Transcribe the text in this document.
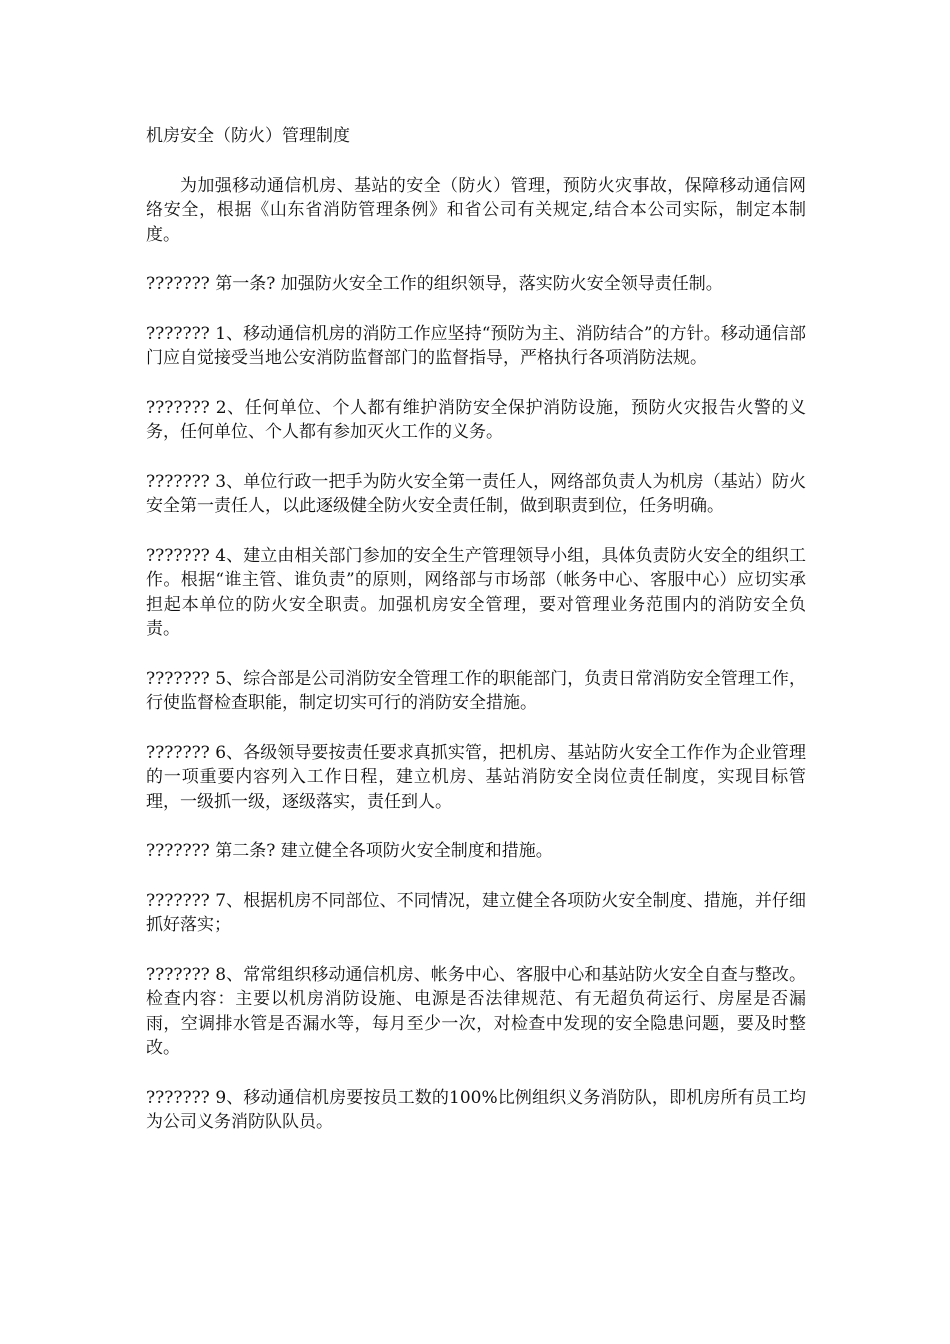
机房安全（防火）管理制度

为加强移动通信机房、基站的安全（防火）管理，预防火灾事故，保障移动通信网络安全，根据《山东省消防管理条例》和省公司有关规定,结合本公司实际，制定本制度。

??????? 第一条? 加强防火安全工作的组织领导，落实防火安全领导责任制。

??????? 1、移动通信机房的消防工作应坚持“预防为主、消防结合”的方针。移动通信部门应自觉接受当地公安消防监督部门的监督指导，严格执行各项消防法规。

??????? 2、任何单位、个人都有维护消防安全保护消防设施，预防火灾报告火警的义务，任何单位、个人都有参加灭火工作的义务。

??????? 3、单位行政一把手为防火安全第一责任人，网络部负责人为机房（基站）防火安全第一责任人，以此逐级健全防火安全责任制，做到职责到位，任务明确。

??????? 4、建立由相关部门参加的安全生产管理领导小组，具体负责防火安全的组织工作。根据“谁主管、谁负责”的原则，网络部与市场部（帐务中心、客服中心）应切实承担起本单位的防火安全职责。加强机房安全管理，要对管理业务范围内的消防安全负责。

??????? 5、综合部是公司消防安全管理工作的职能部门，负责日常消防安全管理工作，行使监督检查职能，制定切实可行的消防安全措施。

??????? 6、各级领导要按责任要求真抓实管，把机房、基站防火安全工作作为企业管理的一项重要内容列入工作日程，建立机房、基站消防安全岗位责任制度，实现目标管理，一级抓一级，逐级落实，责任到人。

??????? 第二条? 建立健全各项防火安全制度和措施。

??????? 7、根据机房不同部位、不同情况，建立健全各项防火安全制度、措施，并仔细抓好落实；

??????? 8、常常组织移动通信机房、帐务中心、客服中心和基站防火安全自查与整改。检查内容：主要以机房消防设施、电源是否法律规范、有无超负荷运行、房屋是否漏雨，空调排水管是否漏水等，每月至少一次，对检查中发现的安全隐患问题，要及时整改。

??????? 9、移动通信机房要按员工数的100%比例组织义务消防队，即机房所有员工均为公司义务消防队队员。
